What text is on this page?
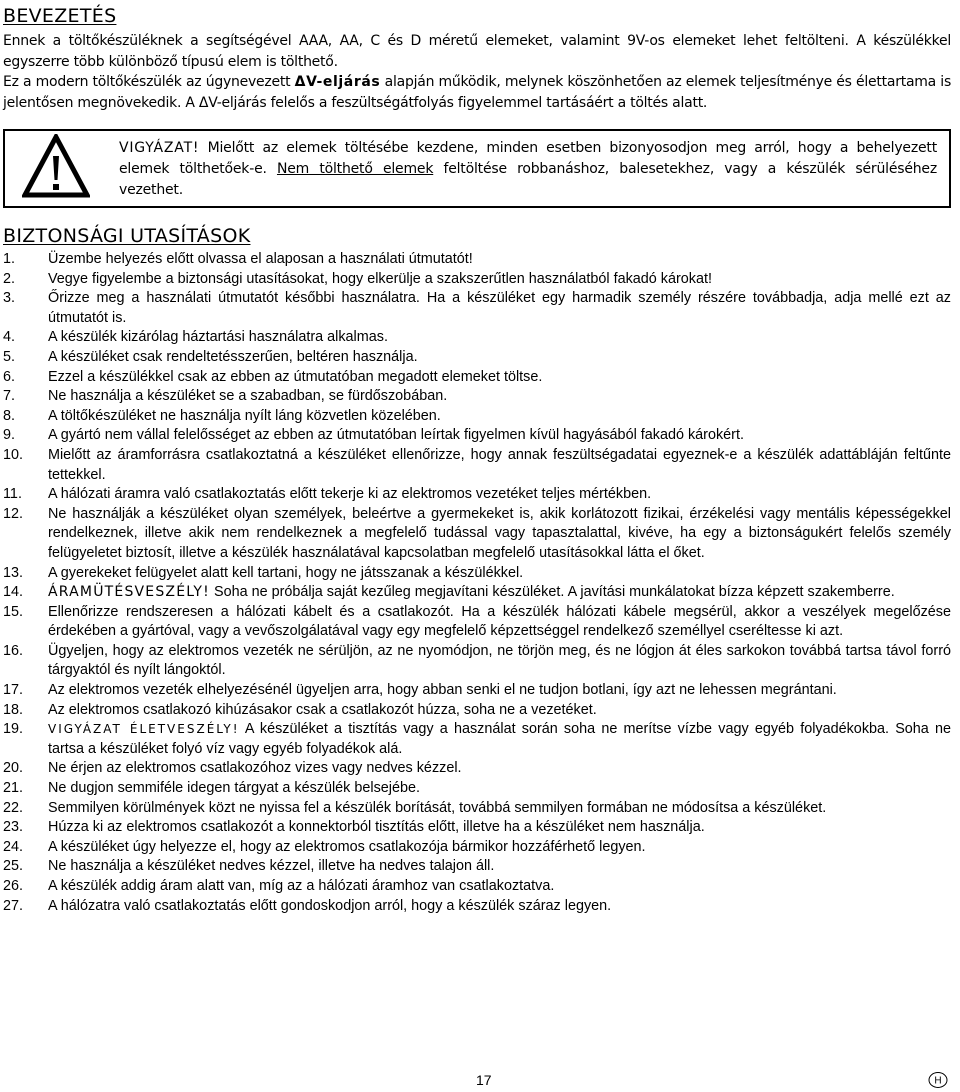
BEVEZETÉS

Ennek a töltőkészüléknek a segítségével AAA, AA, C és D méretű elemeket, valamint 9V-os elemeket lehet feltölteni. A készülékkel egyszerre több különböző típusú elem is tölthető.

Ez a modern töltőkészülék az úgynevezett ΔV-eljárás alapján működik, melynek köszönhetően az elemek teljesítménye és élettartama is jelentősen megnövekedik. A ΔV-eljárás felelős a feszültségátfolyás figyelemmel tartásáért a töltés alatt.

VIGYÁZAT! Mielőtt az elemek töltésébe kezdene, minden esetben bizonyosodjon meg arról, hogy a behelyezett elemek tölthetőek-e. Nem tölthető elemek feltöltése robbanáshoz, balesetekhez, vagy a készülék sérüléséhez vezethet.
BIZTONSÁGI UTASÍTÁSOK
1. Üzembe helyezés előtt olvassa el alaposan a használati útmutatót!
2. Vegye figyelembe a biztonsági utasításokat, hogy elkerülje a szakszerűtlen használatból fakadó károkat!
3. Őrizze meg a használati útmutatót későbbi használatra. Ha a készüléket egy harmadik személy részére továbbadja, adja mellé ezt az útmutatót is.
4. A készülék kizárólag háztartási használatra alkalmas.
5. A készüléket csak rendeltetésszerűen, beltéren használja.
6. Ezzel a készülékkel csak az ebben az útmutatóban megadott elemeket töltse.
7. Ne használja a készüléket se a szabadban, se fürdőszobában.
8. A töltőkészüléket ne használja nyílt láng közvetlen közelében.
9. A gyártó nem vállal felelősséget az ebben az útmutatóban leírtak figyelmen kívül hagyásából fakadó károkért.
10. Mielőtt az áramforrásra csatlakoztatná a készüléket ellenőrizze, hogy annak feszültségadatai egyeznek-e a készülék adattábláján feltűnte tettekkel.
11. A hálózati áramra való csatlakoztatás előtt tekerje ki az elektromos vezetéket teljes mértékben.
12. Ne használják a készüléket olyan személyek, beleértve a gyermekeket is, akik korlátozott fizikai, érzékelési vagy mentális képességekkel rendelkeznek, illetve akik nem rendelkeznek a megfelelő tudással vagy tapasztalattal, kivéve, ha egy a biztonságukért felelős személy felügyeletet biztosít, illetve a készülék használatával kapcsolatban megfelelő utasításokkal látta el őket.
13. A gyerekeket felügyelet alatt kell tartani, hogy ne játsszanak a készülékkel.
14. ÁRAMÜTÉSVESZÉLY! Soha ne próbálja saját kezűleg megjavítani készüléket. A javítási munkálatokat bízza képzett szakemberre.
15. Ellenőrizze rendszeresen a hálózati kábelt és a csatlakozót. Ha a készülék hálózati kábele megsérül, akkor a veszélyek megelőzése érdekében a gyártóval, vagy a vevőszolgálatával vagy egy megfelelő képzettséggel rendelkező személlyel cseréltesse ki azt.
16. Ügyeljen, hogy az elektromos vezeték ne sérüljön, az ne nyomódjon, ne törjön meg, és ne lógjon át éles sarkokon továbbá tartsa távol forró tárgyaktól és nyílt lángoktól.
17. Az elektromos vezeték elhelyezésénél ügyeljen arra, hogy abban senki el ne tudjon botlani, így azt ne lehessen megrántani.
18. Az elektromos csatlakozó kihúzásakor csak a csatlakozót húzza, soha ne a vezetéket.
19. VIGYÁZAT ÉLETVESZÉLY! A készüléket a tisztítás vagy a használat során soha ne merítse vízbe vagy egyéb folyadékokba. Soha ne tartsa a készüléket folyó víz vagy egyéb folyadékok alá.
20. Ne érjen az elektromos csatlakozóhoz vizes vagy nedves kézzel.
21. Ne dugjon semmiféle idegen tárgyat a készülék belsejébe.
22. Semmilyen körülmények közt ne nyissa fel a készülék borítását, továbbá semmilyen formában ne módosítsa a készüléket.
23. Húzza ki az elektromos csatlakozót a konnektorból tisztítás előtt, illetve ha a készüléket nem használja.
24. A készüléket úgy helyezze el, hogy az elektromos csatlakozója bármikor hozzáférhető legyen.
25. Ne használja a készüléket nedves kézzel, illetve ha nedves talajon áll.
26. A készülék addig áram alatt van, míg az a hálózati áramhoz van csatlakoztatva.
27. A hálózatra való csatlakoztatás előtt gondoskodjon arról, hogy a készülék száraz legyen.
17	H
